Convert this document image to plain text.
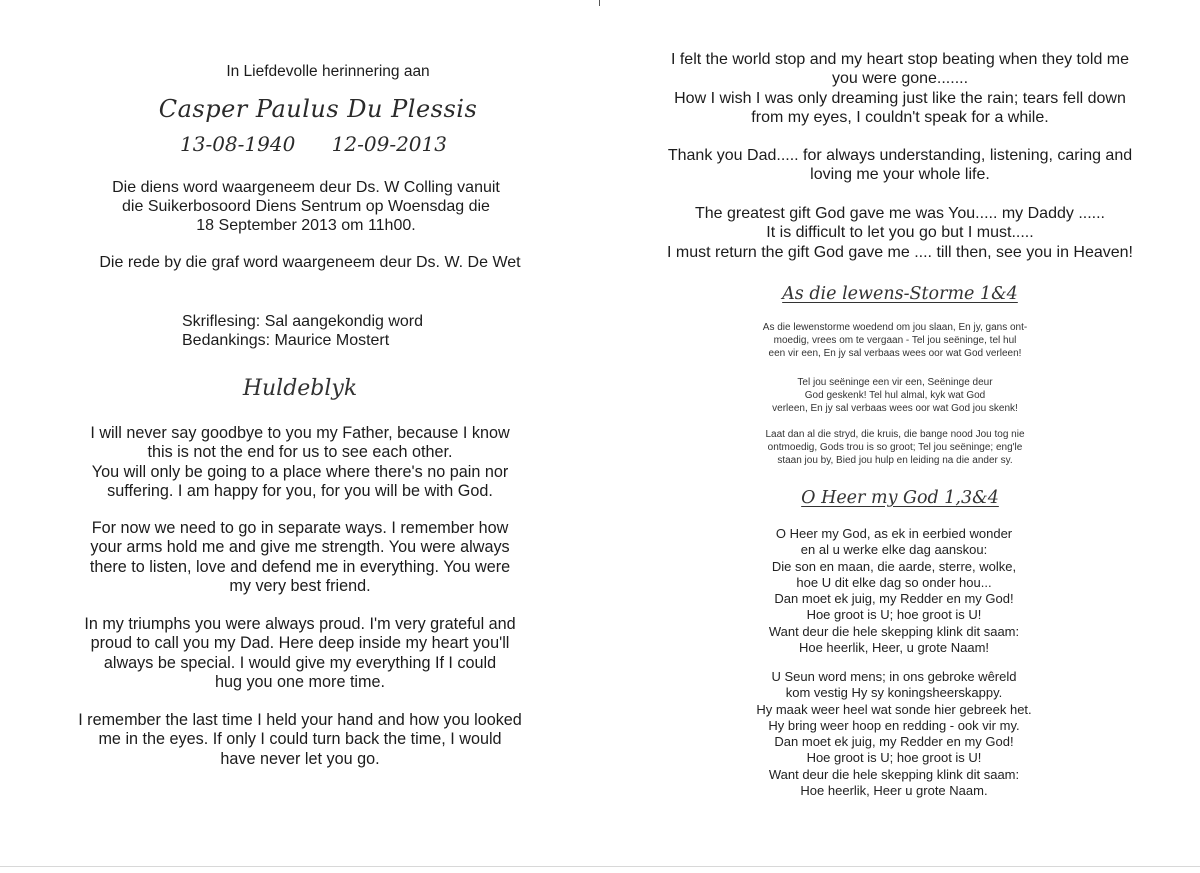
In Liefdevolle herinnering aan
Casper Paulus Du Plessis
13-08-1940 12-09-2013
Die diens word waargeneem deur Ds. W Colling vanuit
die Suikerbosoord Diens Sentrum op Woensdag die
18 September 2013 om 11h00.
Die rede by die graf word waargeneem deur Ds. W. De Wet
Skriflesing: Sal aangekondig word
Bedankings: Maurice Mostert
Huldeblyk
I will never say goodbye to you my Father, because I know
this is not the end for us to see each other.
You will only be going to a place where there's no pain nor
suffering. I am happy for you, for you will be with God.
For now we need to go in separate ways. I remember how
your arms hold me and give me strength. You were always
there to listen, love and defend me in everything. You were
my very best friend.
In my triumphs you were always proud. I'm very grateful and
proud to call you my Dad. Here deep inside my heart you'll
always be special. I would give my everything If I could
hug you one more time.
I remember the last time I held your hand and how you looked
me in the eyes. If only I could turn back the time, I would
have never let you go.
I felt the world stop and my heart stop beating when they told me
you were gone.......
How I wish I was only dreaming just like the rain; tears fell down
from my eyes, I couldn't speak for a while.
Thank you Dad..... for always understanding, listening, caring and
loving me your whole life.
The greatest gift God gave me was You..... my Daddy ......
It is difficult to let you go but I must.....
I must return the gift God gave me .... till then, see you in Heaven!
As die lewens-Storme 1&4
As die lewenstorme woedend om jou slaan, En jy, gans ont-
moedig, vrees om te vergaan - Tel jou seëninge, tel hul
een vir een, En jy sal verbaas wees oor wat God verleen!
Tel jou seëninge een vir een, Seëninge deur
God geskenk! Tel hul almal, kyk wat God
verleen, En jy sal verbaas wees oor wat God jou skenk!
Laat dan al die stryd, die kruis, die bange nood Jou tog nie
ontmoedig, Gods trou is so groot; Tel jou seëninge; eng'le
staan jou by, Bied jou hulp en leiding na die ander sy.
O Heer my God 1,3&4
O Heer my God, as ek in eerbied wonder
en al u werke elke dag aanskou:
Die son en maan, die aarde, sterre, wolke,
hoe U dit elke dag so onder hou...
Dan moet ek juig, my Redder en my God!
Hoe groot is U; hoe groot is U!
Want deur die hele skepping klink dit saam:
Hoe heerlik, Heer, u grote Naam!
U Seun word mens; in ons gebroke wêreld
kom vestig Hy sy koningsheerskappy.
Hy maak weer heel wat sonde hier gebreek het.
Hy bring weer hoop en redding - ook vir my.
Dan moet ek juig, my Redder en my God!
Hoe groot is U; hoe groot is U!
Want deur die hele skepping klink dit saam:
Hoe heerlik, Heer u grote Naam.
